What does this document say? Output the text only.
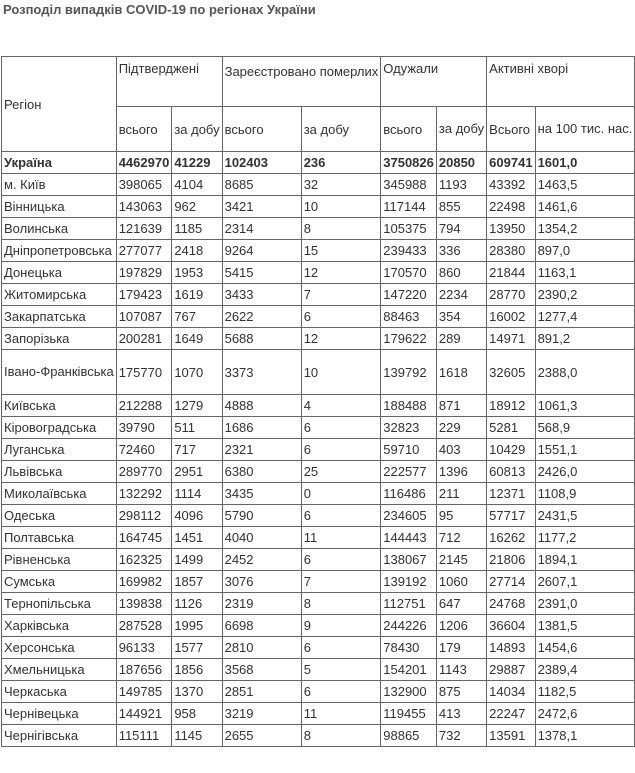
Розподіл випадків COVID-19 по регіонах України
Регіон	Підтверджені		Зареєстровано померлих		Одужали		Активні хворі	
	всього	за добу	всього	за добу	всього	за добу	Всього	на 100 тис. нас.

Україна	4462970	41229	102403	236	3750826	20850	609741	1601,0
м. Київ	398065	4104	8685	32	345988	1193	43392	1463,5
Вінницька	143063	962	3421	10	117144	855	22498	1461,6
Волинська	121639	1185	2314	8	105375	794	13950	1354,2
Дніпропетровська	277077	2418	9264	15	239433	336	28380	897,0
Донецька	197829	1953	5415	12	170570	860	21844	1163,1
Житомирська	179423	1619	3433	7	147220	2234	28770	2390,2
Закарпатська	107087	767	2622	6	88463	354	16002	1277,4
Запорізька	200281	1649	5688	12	179622	289	14971	891,2
Івано-Франківська	175770	1070	3373	10	139792	1618	32605	2388,0
Київська	212288	1279	4888	4	188488	871	18912	1061,3
Кіровоградська	39790	511	1686	6	32823	229	5281	568,9
Луганська	72460	717	2321	6	59710	403	10429	1551,1
Львівська	289770	2951	6380	25	222577	1396	60813	2426,0
Миколаївська	132292	1114	3435	0	116486	211	12371	1108,9
Одеська	298112	4096	5790	6	234605	95	57717	2431,5
Полтавська	164745	1451	4040	11	144443	712	16262	1177,2
Рівненська	162325	1499	2452	6	138067	2145	21806	1894,1
Сумська	169982	1857	3076	7	139192	1060	27714	2607,1
Тернопільська	139838	1126	2319	8	112751	647	24768	2391,0
Харківська	287528	1995	6698	9	244226	1206	36604	1381,5
Херсонська	96133	1577	2810	6	78430	179	14893	1454,6
Хмельницька	187656	1856	3568	5	154201	1143	29887	2389,4
Черкаська	149785	1370	2851	6	132900	875	14034	1182,5
Чернівецька	144921	958	3219	11	119455	413	22247	2472,6
Чернігівська	115111	1145	2655	8	98865	732	13591	1378,1
